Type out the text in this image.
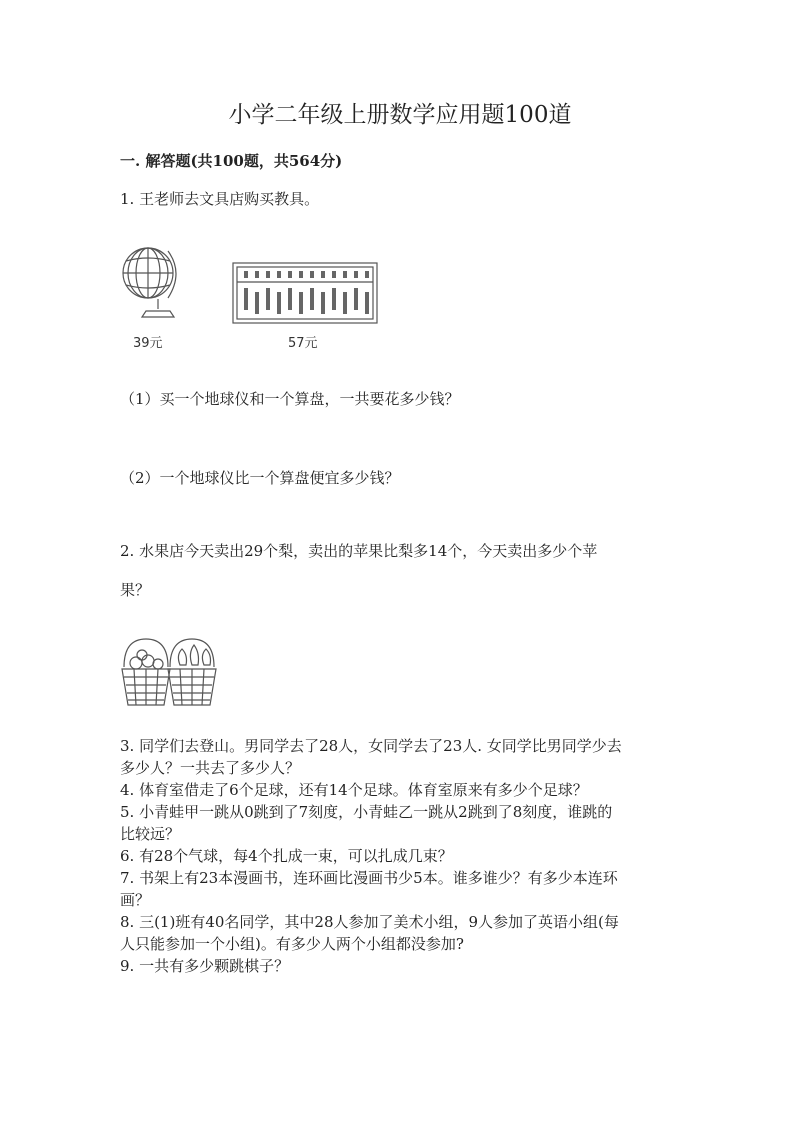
小学二年级上册数学应用题100道
一. 解答题(共100题，共564分)
1. 王老师去文具店购买教具。
39元	57元
（1）买一个地球仪和一个算盘，一共要花多少钱？
（2）一个地球仪比一个算盘便宜多少钱？
2. 水果店今天卖出29个梨，卖出的苹果比梨多14个，今天卖出多少个苹
果？
3. 同学们去登山。男同学去了28人，女同学去了23人. 女同学比男同学少去
多少人？一共去了多少人？
4. 体育室借走了6个足球，还有14个足球。体育室原来有多少个足球？
5. 小青蛙甲一跳从0跳到了7刻度，小青蛙乙一跳从2跳到了8刻度，谁跳的
比较远？
6. 有28个气球，每4个扎成一束，可以扎成几束？
7. 书架上有23本漫画书，连环画比漫画书少5本。谁多谁少？有多少本连环
画？
8. 三(1)班有40名同学，其中28人参加了美术小组，9人参加了英语小组(每
人只能参加一个小组)。有多少人两个小组都没参加?
9. 一共有多少颗跳棋子？
